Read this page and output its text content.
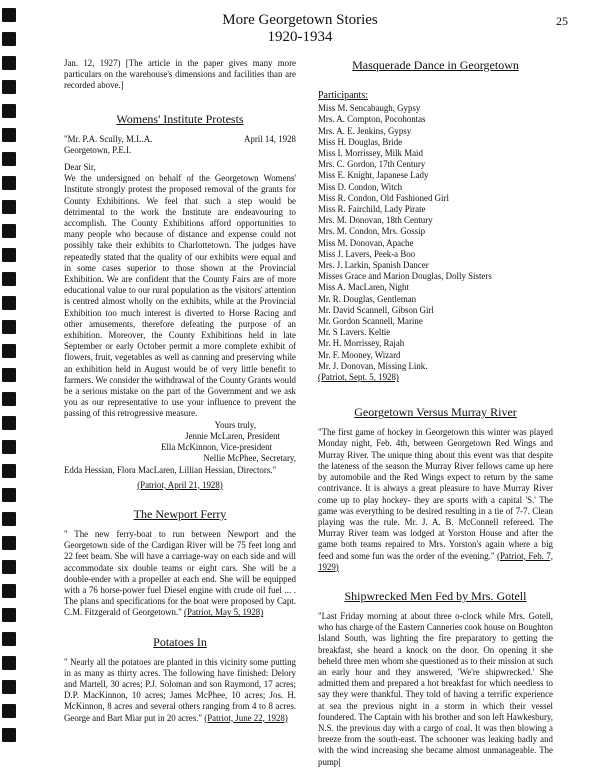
25
More Georgetown Stories
1920-1934

Jan. 12, 1927) [The article in the paper gives many more particulars on the warehouse's dimensions and facilities than are recorded above.]

Womens' Institute Protests
"Mr. P.A. Scully, M.L.A.
Georgetown, P.E.I.
April 14, 1928
Dear Sir,

We the undersigned on behalf of the Georgetown Womens' Institute strongly protest the proposed removal of the grants for County Exhibitions. We feel that such a step would be detrimental to the work the Institute are endeavouring to accomplish. The County Exhibitions afford opportunities to many people who because of distance and expense could not possibly take their exhibits to Charlottetown. The judges have repeatedly stated that the quality of our exhibits were equal and in some cases superior to those shown at the Provincial Exhibition. We are confident that the County Fairs are of more educational value to our rural population as the visitors' attention is centred almost wholly on the exhibits, while at the Provincial Exhibition too much interest is diverted to Horse Racing and other amusements, therefore defeating the purpose of an exhibition. Moreover, the County Exhibitions held in late September or early October permit a more complete exhibit of flowers, fruit, vegetables as well as canning and preserving while an exhibition held in August would be of very little benefit to farmers. We consider the withdrawal of the County Grants would be a serious mistake on the part of the Government and we ask you as our representative to use your influence to prevent the passing of this retrogressive measure.

Yours truly,
Jennie McLaren, President
Ella McKinnon, Vice-president
Nellie McPhee, Secretary,

Edda Hessian, Flora MacLaren, Lillian Hessian, Directors."

(Patriot, April 21, 1928)
The Newport Ferry

" The new ferry-boat to run between Newport and the Georgetown side of the Cardigan River will be 75 feet long and 22 feet beam. She will have a carriage-way on each side and will accommodate six double teams or eight cars. She will be a double-ender with a propeller at each end. She will be equipped with a 76 horse-power fuel Diesel engine with crude oil fuel ... . The plans and specifications for the boat were proposed by Capt. C.M. Fitzgerald of Georgetown." (Patriot, May 5, 1928)

Potatoes In

" Nearly all the potatoes are planted in this vicinity some putting in as many as thirty acres. The following have finished: Delory and Martell, 30 acres; P.J. Soloman and son Raymond, 17 acres; D.P. MacKinnon, 10 acres; James McPhee, 10 acres; Jos. H. McKinnon, 8 acres and several others ranging from 4 to 8 acres. George and Bart Miar put in 20 acres." (Patriot, June 22, 1928)

Masquerade Dance in Georgetown
Participants:
Miss M. Sencabaugh, Gypsy
Mrs. A. Compton, Pocohontas
Mrs. A. E. Jenkins, Gypsy
Miss H. Douglas, Bride
Miss I. Morrissey, Milk Maid
Mrs. C. Gordon, 17th Century
Miss E. Knight, Japanese Lady
Miss D. Condon, Witch
Miss R. Condon, Old Fashioned Girl
Miss R. Fairchild, Lady Pirate
Mrs. M. Donovan, 18th Century
Mrs. M. Condon, Mrs. Gossip
Miss M. Donovan, Apache
Miss J. Lavers, Peek-a Boo
Mrs. J. Larkin, Spanish Dancer
Misses Grace and Marion Douglas, Dolly Sisters
Miss A. MacLaren, Night
Mr. R. Douglas, Gentleman
Mr. David Scannell, Gibson Girl
Mr. Gordon Scannell, Marine
Mr. S Lavers. Keltie
Mr. H. Morrissey, Rajah
Mr. F. Mooney, Wizard
Mr. J. Donovan, Missing Link.
(Patriot, Sept. 5, 1928)
Georgetown Versus Murray River

"The first game of hockey in Georgetown this winter was played Monday night, Feb. 4th, between Georgetown Red Wings and Murray River. The unique thing about this event was that despite the lateness of the season the Murray River fellows came up here by automobile and the Red Wings expect to return by the same contrivance. It is always a great pleasure to have Murray River come up to play hockey- they are sports with a capital 'S.' The game was everything to be desired resulting in a tie of 7-7. Clean playing was the rule. Mr. J. A. B. McConnell refereed. The Murray River team was lodged at Yorston House and after the game both teams repaired to Mrs. Yorston's again where a big feed and some fun was the order of the evening." (Patriot, Feb. 7, 1929)

Shipwrecked Men Fed by Mrs. Gotell

"Last Friday morning at about three o-clock while Mrs. Gotell, who has charge of the Eastern Canneries cook house on Boughton Island South, was lighting the fire preparatory to getting the breakfast, she heard a knock on the door. On opening it she beheld three men whom she questioned as to their mission at such an early hour and they answered, 'We're shipwrecked.' She admitted them and prepared a hot breakfast for which needless to say they were thankful. They told of having a terrific experience at sea the previous night in a storm in which their vessel foundered. The Captain with his brother and son left Hawkesbury, N.S. the previous day with a cargo of coal. It was then blowing a breeze from the south-east. The schooner was leaking badly and with the wind increasing she became almost unmanageable. The pump[
